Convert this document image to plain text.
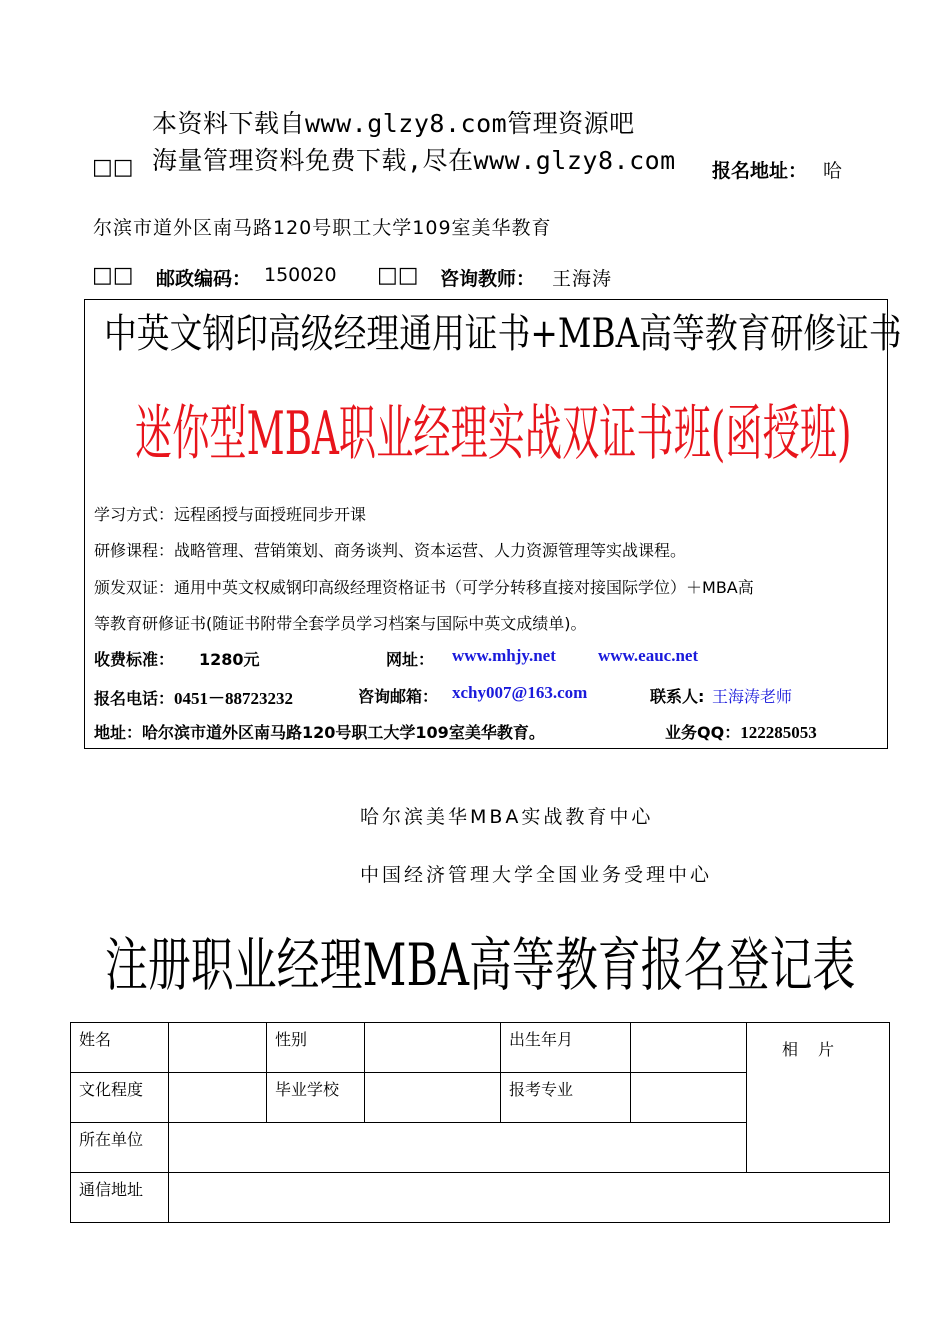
本资料下载自www.glzy8.com管理资源吧
海量管理资料免费下载,尽在www.glzy8.com
□□	报名地址： 哈
尔滨市道外区南马路120号职工大学109室美华教育
□□ 邮政编码： 150020 □□ 咨询教师： 王海涛
中英文钢印高级经理通用证书+MBA高等教育研修证书
迷你型MBA职业经理实战双证书班(函授班)
学习方式：远程函授与面授班同步开课
研修课程：战略管理、营销策划、商务谈判、资本运营、人力资源管理等实战课程。
颁发双证：通用中英文权威钢印高级经理资格证书（可学分转移直接对接国际学位）＋MBA高
等教育研修证书(随证书附带全套学员学习档案与国际中英文成绩单)。
收费标准： 1280元	网址： www.mhjy.net www.eauc.net
报名电话：0451－88723232	咨询邮箱： xchy007@163.com	联系人: 王海涛老师
地址：哈尔滨市道外区南马路120号职工大学109室美华教育。	业务QQ：122285053
哈尔滨美华MBA实战教育中心
中国经济管理大学全国业务受理中心
注册职业经理MBA高等教育报名登记表
姓名		性别		出生年月		相片
文化程度		毕业学校		报考专业		
所在单位						
通信地址						
